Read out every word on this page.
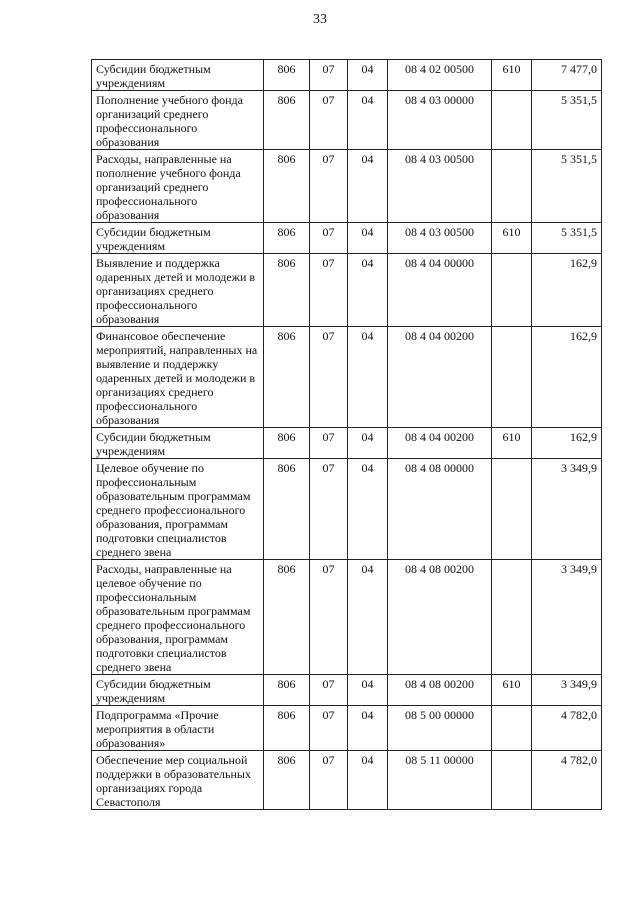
33
Субсидии бюджетным учреждениям	806	07	04	08 4 02 00500	610	7 477,0
Пополнение учебного фонда организаций среднего профессионального образования	806	07	04	08 4 03 00000		5 351,5
Расходы, направленные на пополнение учебного фонда организаций среднего профессионального образования	806	07	04	08 4 03 00500		5 351,5
Субсидии бюджетным учреждениям	806	07	04	08 4 03 00500	610	5 351,5
Выявление и поддержка одаренных детей и молодежи в организациях среднего профессионального образования	806	07	04	08 4 04 00000		162,9
Финансовое обеспечение мероприятий, направленных на выявление и поддержку одаренных детей и молодежи в организациях среднего профессионального образования	806	07	04	08 4 04 00200		162,9
Субсидии бюджетным учреждениям	806	07	04	08 4 04 00200	610	162,9
Целевое обучение по профессиональным образовательным программам среднего профессионального образования, программам подготовки специалистов среднего звена	806	07	04	08 4 08 00000		3 349,9
Расходы, направленные на целевое обучение по профессиональным образовательным программам среднего профессионального образования, программам подготовки специалистов среднего звена	806	07	04	08 4 08 00200		3 349,9
Субсидии бюджетным учреждениям	806	07	04	08 4 08 00200	610	3 349,9
Подпрограмма «Прочие мероприятия в области образования»	806	07	04	08 5 00 00000		4 782,0
Обеспечение мер социальной поддержки в образовательных организациях города Севастополя	806	07	04	08 5 11 00000		4 782,0
